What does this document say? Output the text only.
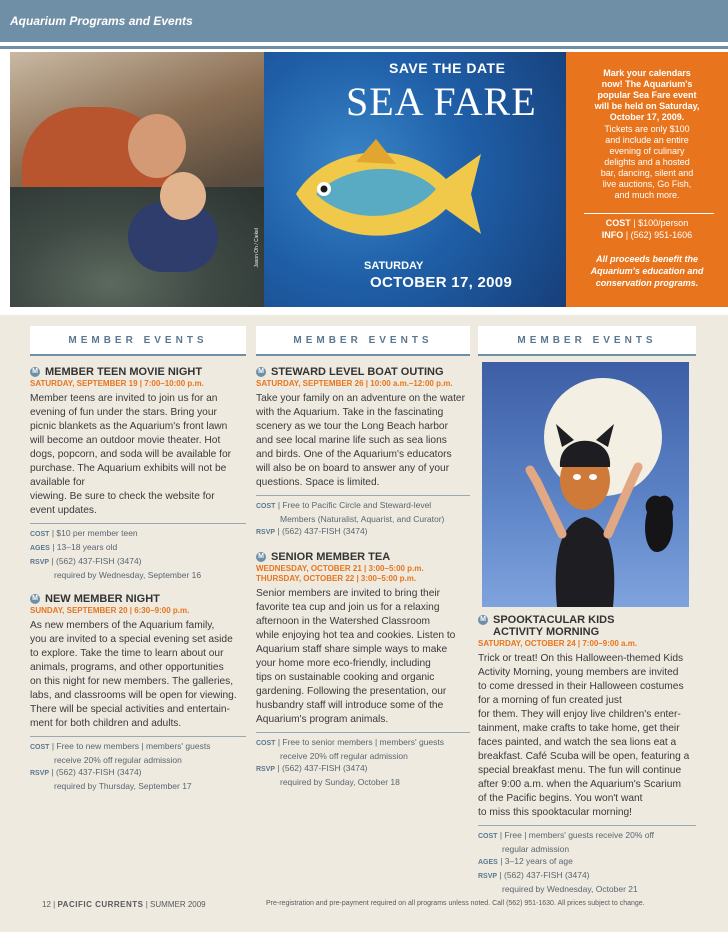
Aquarium Programs and Events
Jason Oh / Ciekel
SAVE THE DATE
SEA FARE
SATURDAY
OCTOBER 17, 2009
Mark your calendars
now! The Aquarium's
popular Sea Fare event
will be held on Saturday,
October 17, 2009.
Tickets are only $100
and include an entire
evening of culinary
delights and a hosted
bar, dancing, silent and
live auctions, Go Fish,
and much more.
COST | $100/person
INFO | (562) 951-1606
All proceeds benefit the
Aquarium's education and
conservation programs.
MEMBER EVENTS
M MEMBER TEEN MOVIE NIGHT
SATURDAY, SEPTEMBER 19 | 7:00–10:00 p.m.
Member teens are invited to join us for an
evening of fun under the stars. Bring your
picnic blankets as the Aquarium's front lawn
will become an outdoor movie theater. Hot
dogs, popcorn, and soda will be available for
purchase. The Aquarium exhibits will not be available for
viewing. Be sure to check the website for
event updates.
COST | $10 per member teen
AGES | 13–18 years old
RSVP | (562) 437-FISH (3474)
required by Wednesday, September 16
M NEW MEMBER NIGHT
SUNDAY, SEPTEMBER 20 | 6:30–9:00 p.m.
As new members of the Aquarium family,
you are invited to a special evening set aside
to explore. Take the time to learn about our
animals, programs, and other opportunities
on this night for new members. The galleries,
labs, and classrooms will be open for viewing.
There will be special activities and entertain-
ment for both children and adults.
COST | Free to new members | members' guests
receive 20% off regular admission
RSVP | (562) 437-FISH (3474)
required by Thursday, September 17
MEMBER EVENTS
M STEWARD LEVEL BOAT OUTING
SATURDAY, SEPTEMBER 26 | 10:00 a.m.–12:00 p.m.
Take your family on an adventure on the water
with the Aquarium. Take in the fascinating
scenery as we tour the Long Beach harbor
and see local marine life such as sea lions
and birds. One of the Aquarium's educators
will also be on board to answer any of your
questions. Space is limited.
COST | Free to Pacific Circle and Steward-level
Members (Naturalist, Aquarist, and Curator)
RSVP | (562) 437-FISH (3474)
M SENIOR MEMBER TEA
WEDNESDAY, OCTOBER 21 | 3:00–5:00 p.m.
THURSDAY, OCTOBER 22 | 3:00–5:00 p.m.
Senior members are invited to bring their
favorite tea cup and join us for a relaxing
afternoon in the Watershed Classroom
while enjoying hot tea and cookies. Listen to
Aquarium staff share simple ways to make
your home more eco-friendly, including
tips on sustainable cooking and organic
gardening. Following the presentation, our
husbandry staff will introduce some of the
Aquarium's program animals.
COST | Free to senior members | members' guests
receive 20% off regular admission
RSVP | (562) 437-FISH (3474)
required by Sunday, October 18
MEMBER EVENTS
M SPOOKTACULAR KIDS
ACTIVITY MORNING
SATURDAY, OCTOBER 24 | 7:00–9:00 a.m.
Trick or treat! On this Halloween-themed Kids
Activity Morning, young members are invited
to come dressed in their Halloween costumes
for a morning of fun created just
for them. They will enjoy live children's enter-
tainment, make crafts to take home, get their
faces painted, and watch the sea lions eat a
breakfast. Café Scuba will be open, featuring a
special breakfast menu. The fun will continue
after 9:00 a.m. when the Aquarium's Scarium
of the Pacific begins. You won't want
to miss this spooktacular morning!
COST | Free | members' guests receive 20% off
regular admission
AGES | 3–12 years of age
RSVP | (562) 437-FISH (3474)
required by Wednesday, October 21
12 | PACIFIC CURRENTS | SUMMER 2009	Pre-registration and pre-payment required on all programs unless noted. Call (562) 951-1630. All prices subject to change.
